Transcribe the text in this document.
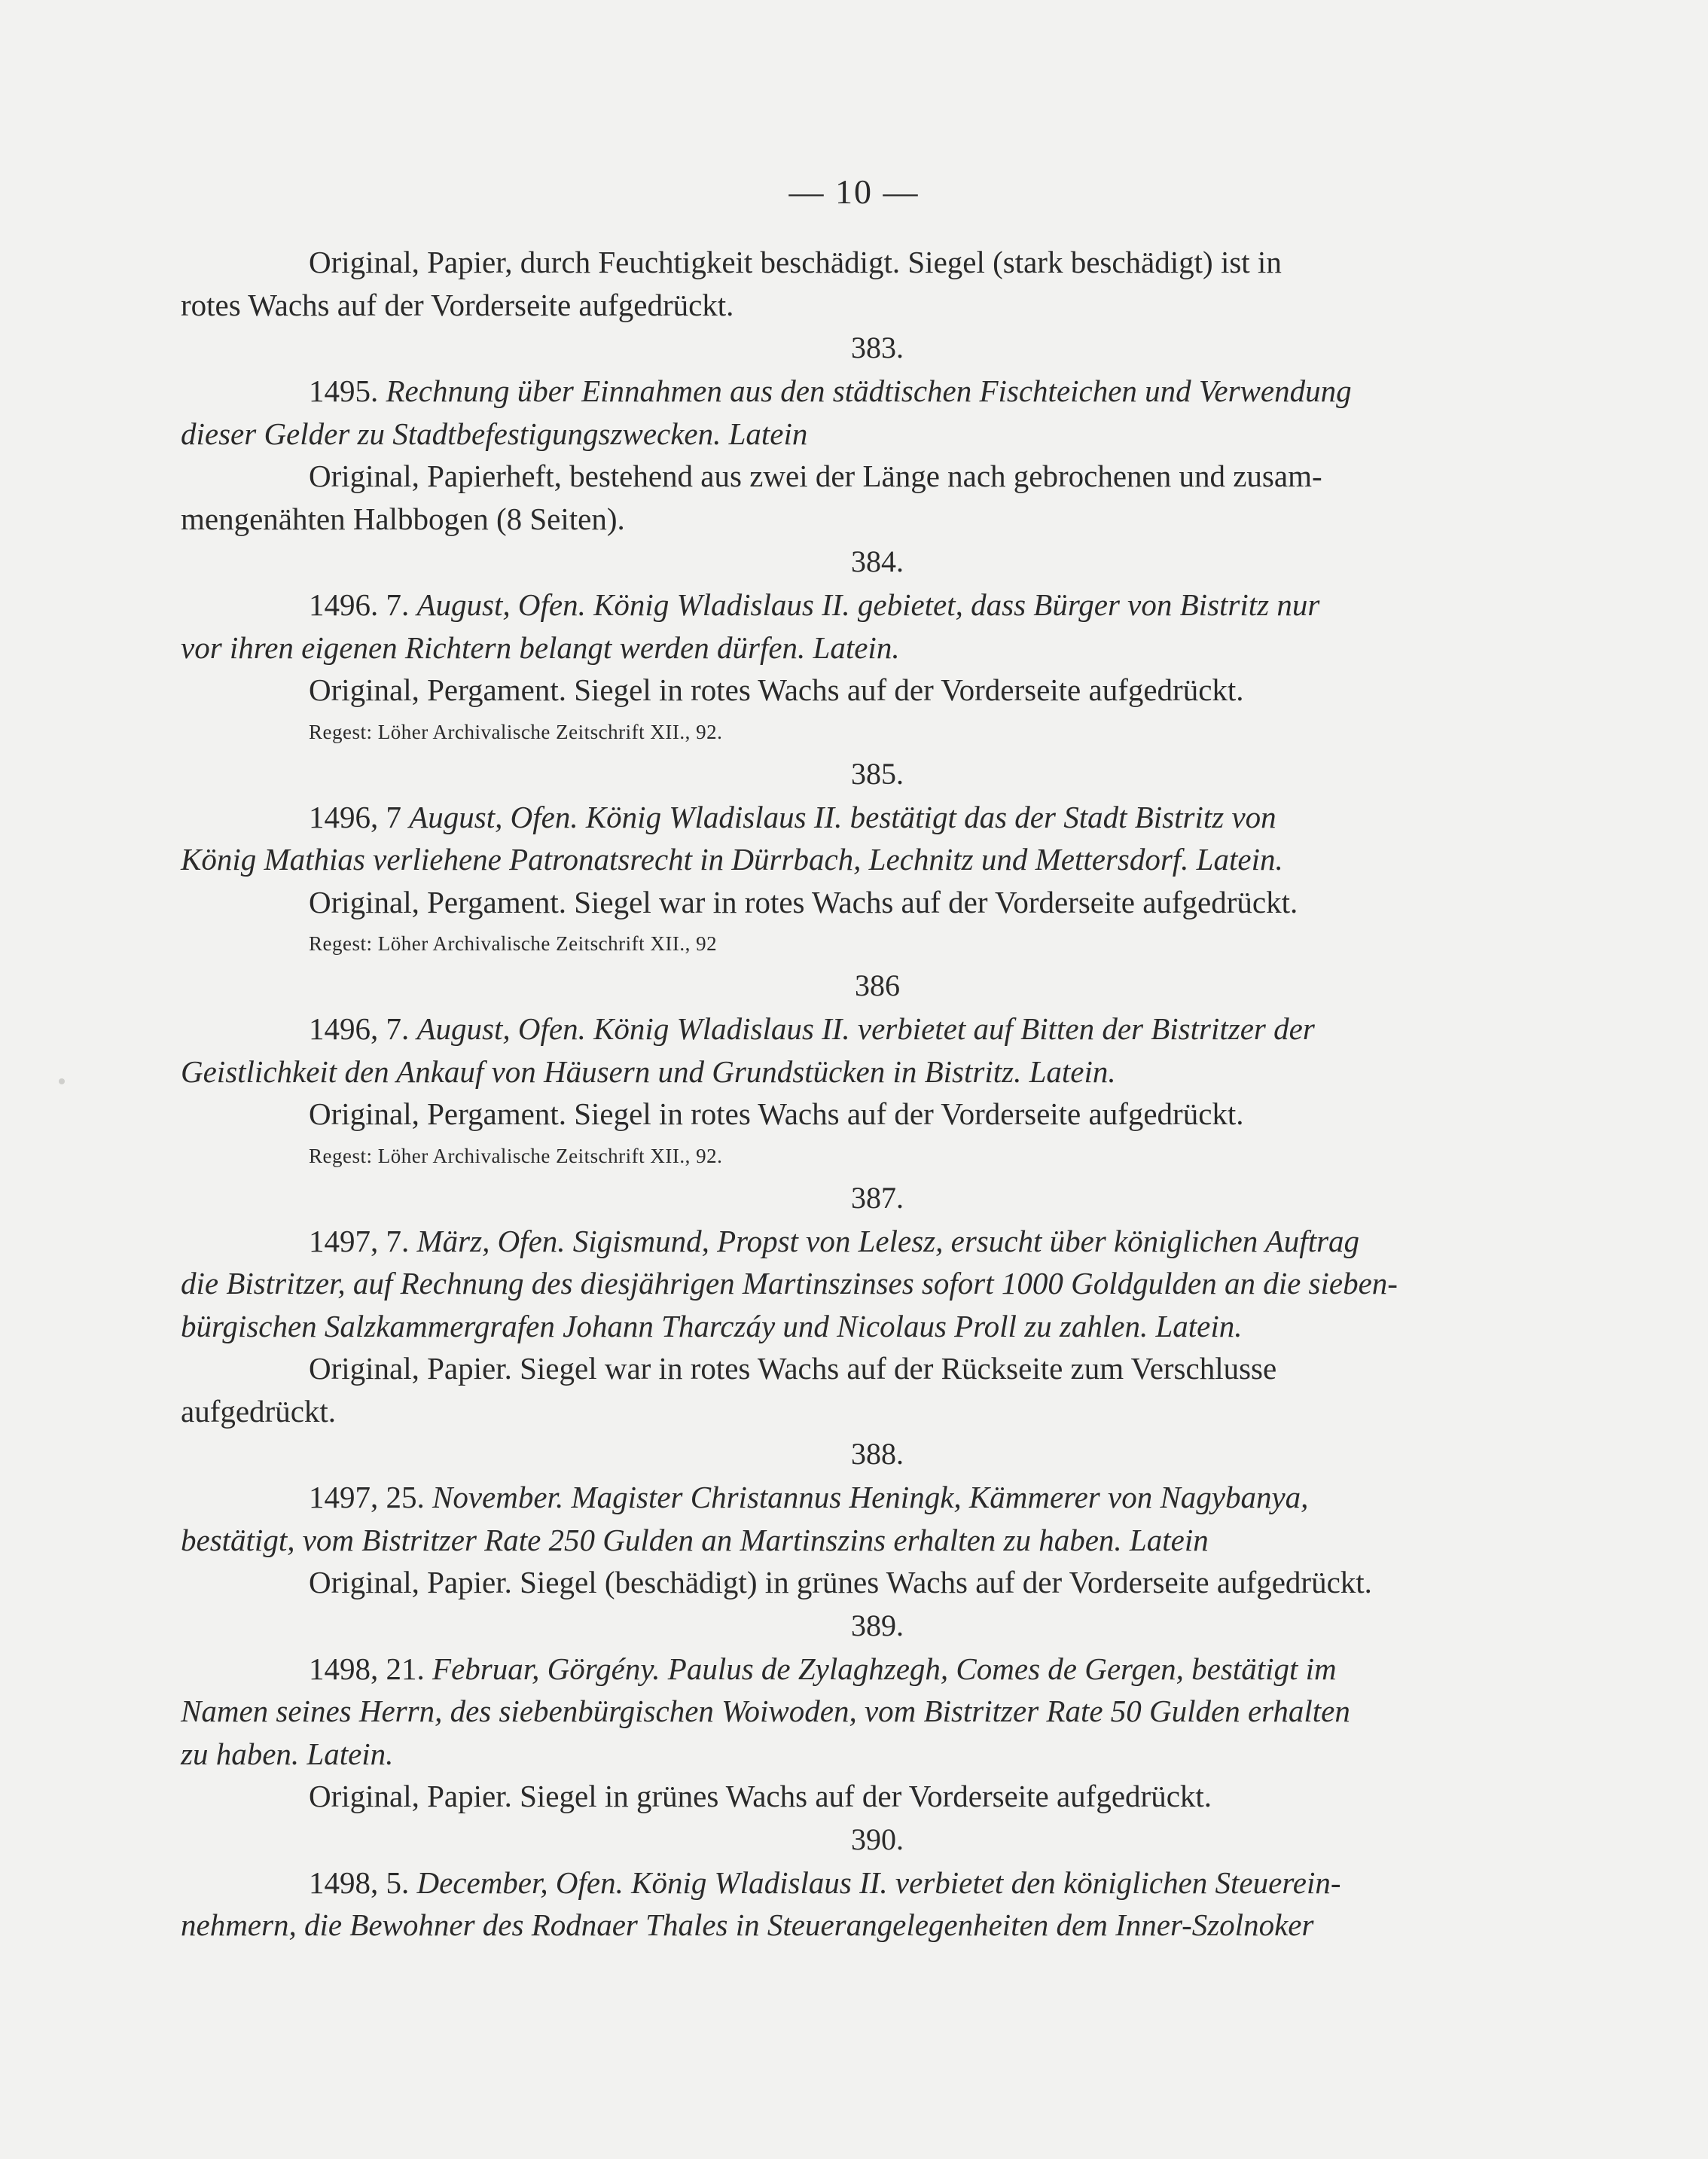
— 10 —

Original, Papier, durch Feuchtigkeit beschädigt. Siegel (stark beschädigt) ist in

rotes Wachs auf der Vorderseite aufgedrückt.

383.

1495. Rechnung über Einnahmen aus den städtischen Fischteichen und Verwendung

dieser Gelder zu Stadtbefestigungszwecken. Latein

Original, Papierheft, bestehend aus zwei der Länge nach gebrochenen und zusam-

mengenähten Halbbogen (8 Seiten).

384.

1496. 7. August, Ofen. König Wladislaus II. gebietet, dass Bürger von Bistritz nur

vor ihren eigenen Richtern belangt werden dürfen. Latein.

Original, Pergament. Siegel in rotes Wachs auf der Vorderseite aufgedrückt.

Regest: Löher Archivalische Zeitschrift XII., 92.

385.

1496, 7 August, Ofen. König Wladislaus II. bestätigt das der Stadt Bistritz von

König Mathias verliehene Patronatsrecht in Dürrbach, Lechnitz und Mettersdorf. Latein.

Original, Pergament. Siegel war in rotes Wachs auf der Vorderseite aufgedrückt.

Regest: Löher Archivalische Zeitschrift XII., 92

386

1496, 7. August, Ofen. König Wladislaus II. verbietet auf Bitten der Bistritzer der

Geistlichkeit den Ankauf von Häusern und Grundstücken in Bistritz. Latein.

Original, Pergament. Siegel in rotes Wachs auf der Vorderseite aufgedrückt.

Regest: Löher Archivalische Zeitschrift XII., 92.

387.

1497, 7. März, Ofen. Sigismund, Propst von Lelesz, ersucht über königlichen Auftrag

die Bistritzer, auf Rechnung des diesjährigen Martinszinses sofort 1000 Goldgulden an die sieben-

bürgischen Salzkammergrafen Johann Tharczáy und Nicolaus Proll zu zahlen. Latein.

Original, Papier. Siegel war in rotes Wachs auf der Rückseite zum Verschlusse

aufgedrückt.

388.

1497, 25. November. Magister Christannus Heningk, Kämmerer von Nagybanya,

bestätigt, vom Bistritzer Rate 250 Gulden an Martinszins erhalten zu haben. Latein

Original, Papier. Siegel (beschädigt) in grünes Wachs auf der Vorderseite aufgedrückt.

389.

1498, 21. Februar, Görgény. Paulus de Zylaghzegh, Comes de Gergen, bestätigt im

Namen seines Herrn, des siebenbürgischen Woiwoden, vom Bistritzer Rate 50 Gulden erhalten

zu haben. Latein.

Original, Papier. Siegel in grünes Wachs auf der Vorderseite aufgedrückt.

390.

1498, 5. December, Ofen. König Wladislaus II. verbietet den königlichen Steuerein-

nehmern, die Bewohner des Rodnaer Thales in Steuerangelegenheiten dem Inner-Szolnoker
